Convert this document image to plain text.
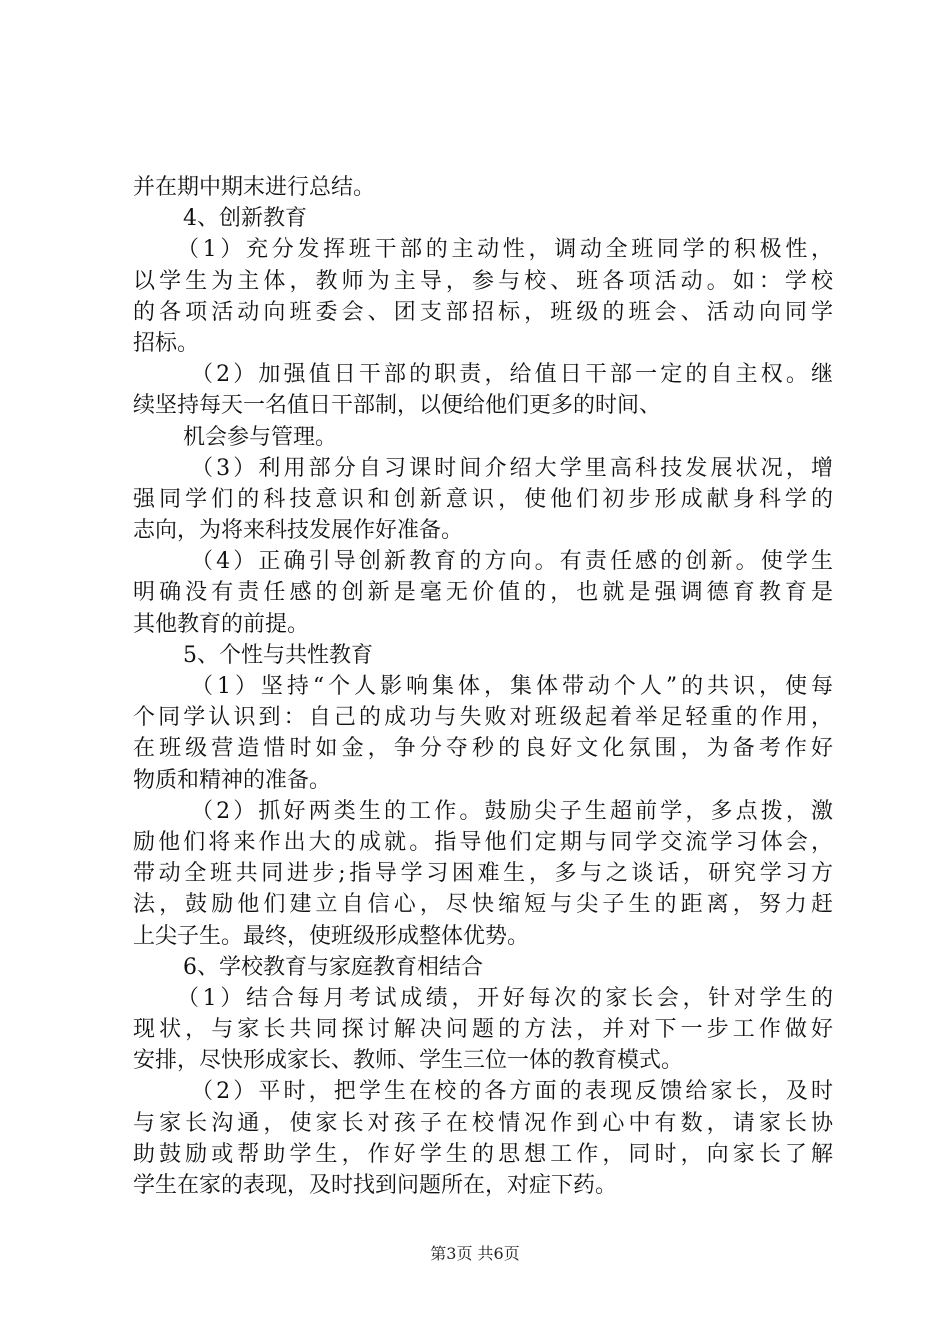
并在期中期末进行总结。
4、创新教育
（1）充分发挥班干部的主动性，调动全班同学的积极性，
以学生为主体，教师为主导，参与校、班各项活动。如：学校
的各项活动向班委会、团支部招标，班级的班会、活动向同学
招标。
（2）加强值日干部的职责，给值日干部一定的自主权。继
续坚持每天一名值日干部制，以便给他们更多的时间、
机会参与管理。
（3）利用部分自习课时间介绍大学里高科技发展状况，增
强同学们的科技意识和创新意识，使他们初步形成献身科学的
志向，为将来科技发展作好准备。
（4）正确引导创新教育的方向。有责任感的创新。使学生
明确没有责任感的创新是毫无价值的，也就是强调德育教育是
其他教育的前提。
5、个性与共性教育
（1）坚持“个人影响集体，集体带动个人”的共识，使每
个同学认识到：自己的成功与失败对班级起着举足轻重的作用，
在班级营造惜时如金，争分夺秒的良好文化氛围，为备考作好
物质和精神的准备。
（2）抓好两类生的工作。鼓励尖子生超前学，多点拨，激
励他们将来作出大的成就。指导他们定期与同学交流学习体会，
带动全班共同进步;指导学习困难生，多与之谈话，研究学习方
法，鼓励他们建立自信心，尽快缩短与尖子生的距离，努力赶
上尖子生。最终，使班级形成整体优势。
6、学校教育与家庭教育相结合
（1）结合每月考试成绩，开好每次的家长会，针对学生的
现状，与家长共同探讨解决问题的方法，并对下一步工作做好
安排，尽快形成家长、教师、学生三位一体的教育模式。
（2）平时，把学生在校的各方面的表现反馈给家长，及时
与家长沟通，使家长对孩子在校情况作到心中有数，请家长协
助鼓励或帮助学生，作好学生的思想工作，同时，向家长了解
学生在家的表现，及时找到问题所在，对症下药。
第3页 共6页
